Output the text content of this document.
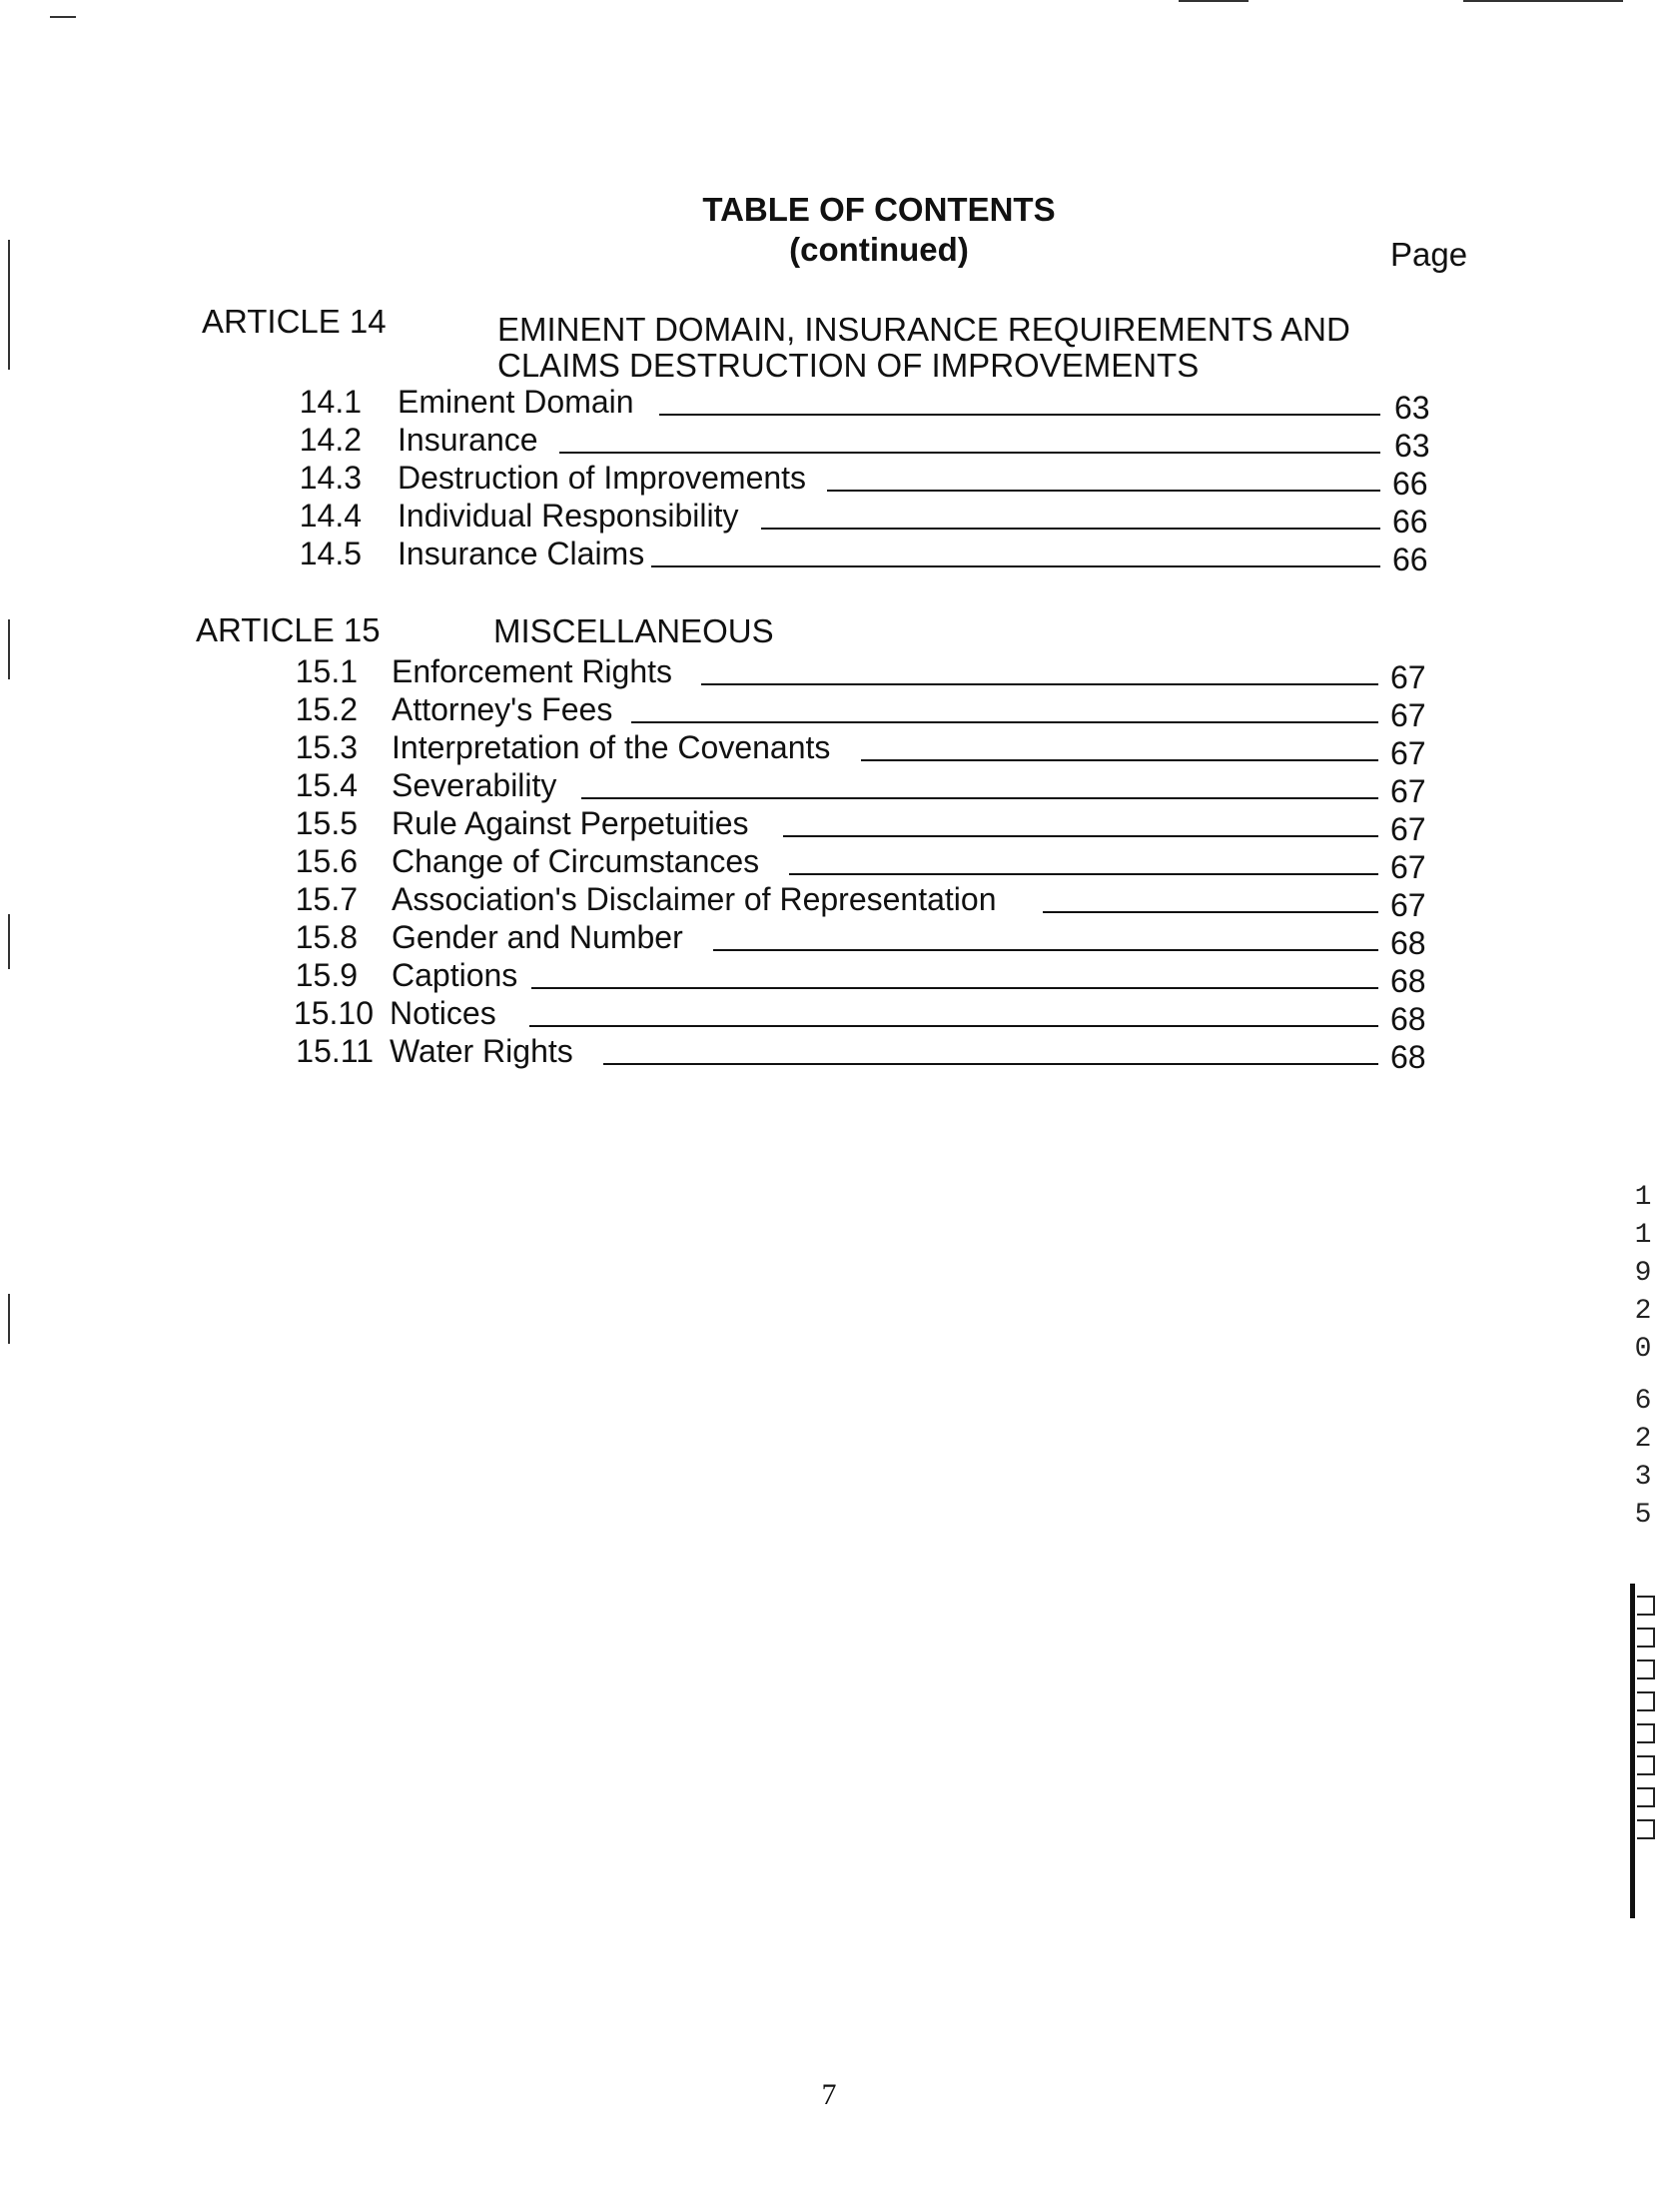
TABLE OF CONTENTS
(continued)	Page
ARTICLE 14	EMINENT DOMAIN, INSURANCE REQUIREMENTS AND
CLAIMS DESTRUCTION OF IMPROVEMENTS
14.1 Eminent Domain	63
14.2 Insurance	63
14.3 Destruction of Improvements	66
14.4 Individual Responsibility	66
14.5 Insurance Claims	66
ARTICLE 15	MISCELLANEOUS
15.1 Enforcement Rights	67
15.2 Attorney's Fees	67
15.3 Interpretation of the Covenants	67
15.4 Severability	67
15.5 Rule Against Perpetuities	67
15.6 Change of Circumstances	67
15.7 Association's Disclaimer of Representation	67
15.8 Gender and Number	68
15.9 Captions	68
15.10 Notices	68
15.11 Water Rights	68
1
1
9
2
0
6
2
3
5
7
